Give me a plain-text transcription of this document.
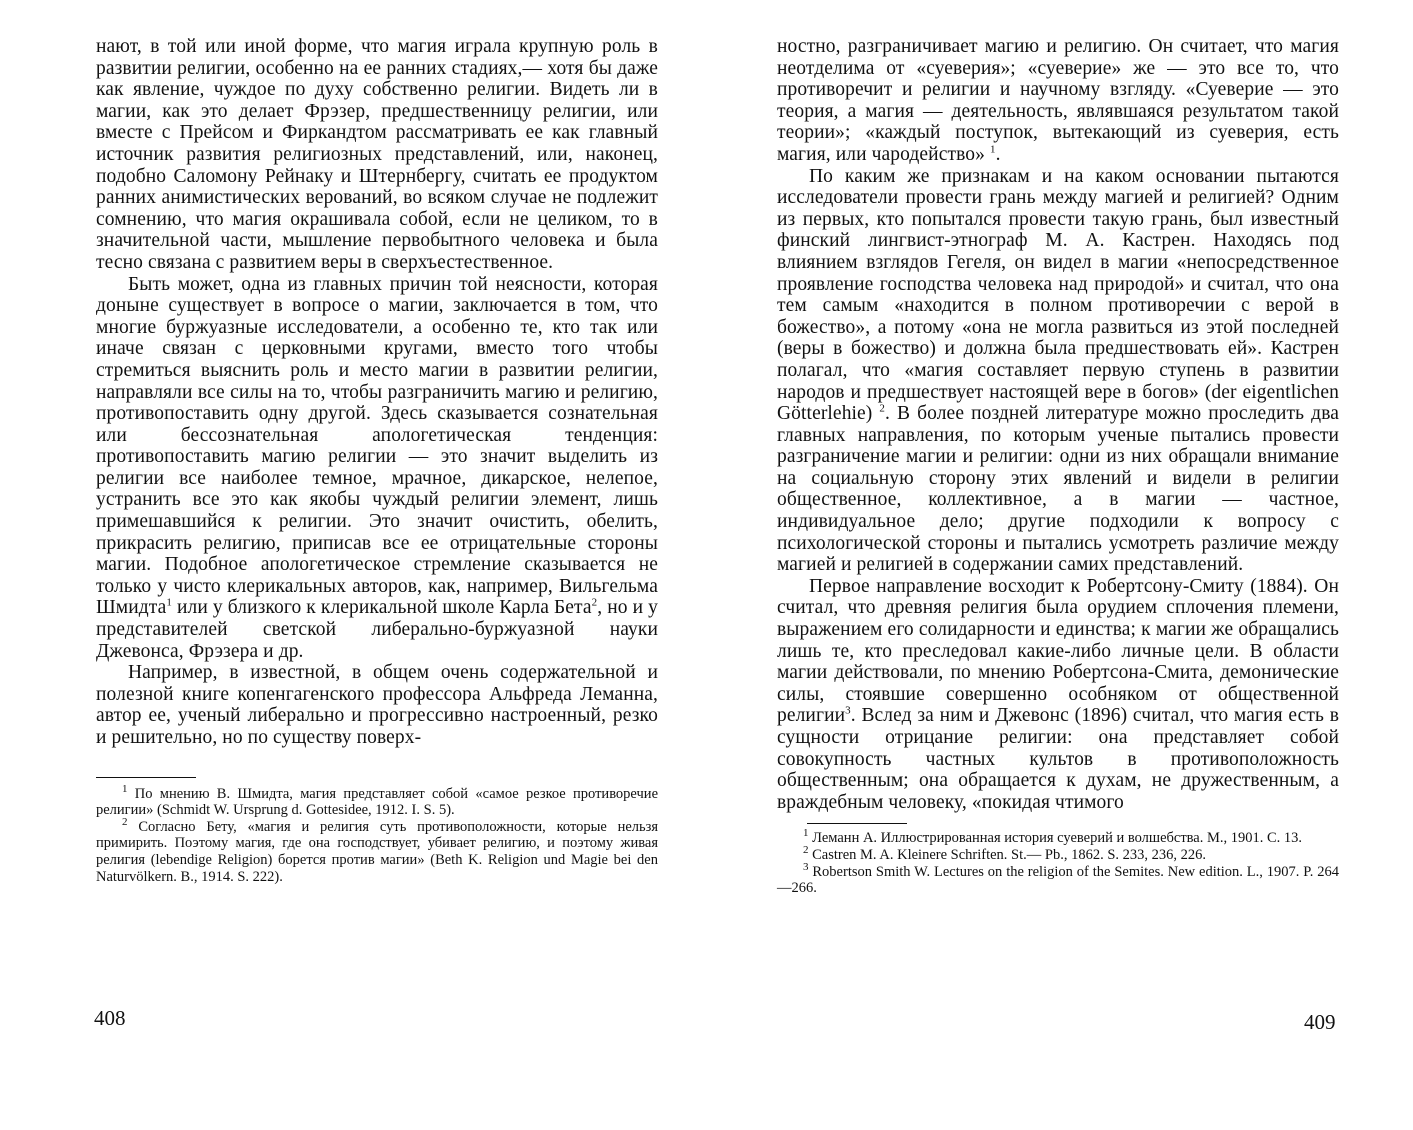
нают, в той или иной форме, что магия играла крупную роль в развитии религии, особенно на ее ранних стадиях,— хотя бы даже как явление, чуждое по духу собственно религии. Видеть ли в магии, как это делает Фрэзер, предшественницу религии, или вместе с Прейсом и Фиркандтом рассматривать ее как главный источник развития религиозных представлений, или, наконец, подобно Саломону Рейнаку и Штернбергу, считать ее продуктом ранних анимистических верований, во всяком случае не подлежит сомнению, что магия окрашивала собой, если не целиком, то в значительной части, мышление первобытного человека и была тесно связана с развитием веры в сверхъестественное.

Быть может, одна из главных причин той неясности, которая доныне существует в вопросе о магии, заключается в том, что многие буржуазные исследователи, а особенно те, кто так или иначе связан с церковными кругами, вместо того чтобы стремиться выяснить роль и место магии в развитии религии, направляли все силы на то, чтобы разграничить магию и религию, противопоставить одну другой. Здесь сказывается сознательная или бессознательная апологетическая тенденция: противопоставить магию религии — это значит выделить из религии все наиболее темное, мрачное, дикарское, нелепое, устранить все это как якобы чуждый религии элемент, лишь примешавшийся к религии. Это значит очистить, обелить, прикрасить религию, приписав все ее отрицательные стороны магии. Подобное апологетическое стремление сказывается не только у чисто клерикальных авторов, как, например, Вильгельма Шмидта$^1$ или у близкого к клерикальной школе Карла Бета$^2$, но и у представителей светской либерально-буржуазной науки Джевонса, Фрэзера и др.

Например, в известной, в общем очень содержательной и полезной книге копенгагенского профессора Альфреда Леманна, автор ее, ученый либерально и прогрессивно настроенный, резко и решительно, но по существу поверх-

$^1$ По мнению В. Шмидта, магия представляет собой «самое резкое противоречие религии» (Schmidt W. Ursprung d. Gottesidee, 1912. I. S. 5).

$^2$ Согласно Бету, «магия и религия суть противоположности, которые нельзя примирить. Поэтому магия, где она господствует, убивает религию, и поэтому живая религия (lebendige Religion) борется против магии» (Beth K. Religion und Magie bei den Naturvölkern. B., 1914. S. 222).

408

ностно, разграничивает магию и религию. Он считает, что магия неотделима от «суеверия»; «суеверие» же — это все то, что противоречит и религии и научному взгляду. «Суеверие — это теория, а магия — деятельность, являвшаяся результатом такой теории»; «каждый поступок, вытекающий из суеверия, есть магия, или чародейство» $^1$.

По каким же признакам и на каком основании пытаются исследователи провести грань между магией и религией? Одним из первых, кто попытался провести такую грань, был известный финский лингвист-этнограф М. А. Кастрен. Находясь под влиянием взглядов Гегеля, он видел в магии «непосредственное проявление господства человека над природой» и считал, что она тем самым «находится в полном противоречии с верой в божество», а потому «она не могла развиться из этой последней (веры в божество) и должна была предшествовать ей». Кастрен полагал, что «магия составляет первую ступень в развитии народов и предшествует настоящей вере в богов» (der eigentlichen Götterlehie) $^2$. В более поздней литературе можно проследить два главных направления, по которым ученые пытались провести разграничение магии и религии: одни из них обращали внимание на социальную сторону этих явлений и видели в религии общественное, коллективное, а в магии — частное, индивидуальное дело; другие подходили к вопросу с психологической стороны и пытались усмотреть различие между магией и религией в содержании самих представлений.

Первое направление восходит к Робертсону-Смиту (1884). Он считал, что древняя религия была орудием сплочения племени, выражением его солидарности и единства; к магии же обращались лишь те, кто преследовал какие-либо личные цели. В области магии действовали, по мнению Робертсона-Смита, демонические силы, стоявшие совершенно особняком от общественной религии$^3$. Вслед за ним и Джевонс (1896) считал, что магия есть в сущности отрицание религии: она представляет собой совокупность частных культов в противоположность общественным; она обращается к духам, не дружественным, а враждебным человеку, «покидая чтимого

$^1$ Леманн А. Иллюстрированная история суеверий и волшебства. М., 1901. С. 13.

$^2$ Castren M. A. Kleinere Schriften. St.— Pb., 1862. S. 233, 236, 226.

$^3$ Robertson Smith W. Lectures on the religion of the Semites. New edition. L., 1907. P. 264—266.

409
